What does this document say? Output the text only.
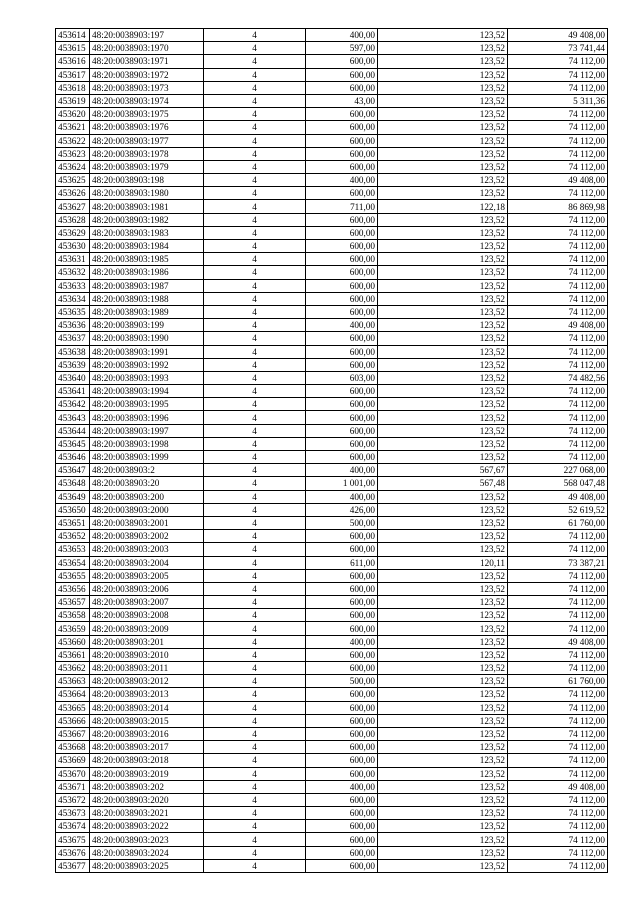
453614	48:20:0038903:197	4	400,00	123,52	49 408,00
453615	48:20:0038903:1970	4	597,00	123,52	73 741,44
453616	48:20:0038903:1971	4	600,00	123,52	74 112,00
453617	48:20:0038903:1972	4	600,00	123,52	74 112,00
453618	48:20:0038903:1973	4	600,00	123,52	74 112,00
453619	48:20:0038903:1974	4	43,00	123,52	5 311,36
453620	48:20:0038903:1975	4	600,00	123,52	74 112,00
453621	48:20:0038903:1976	4	600,00	123,52	74 112,00
453622	48:20:0038903:1977	4	600,00	123,52	74 112,00
453623	48:20:0038903:1978	4	600,00	123,52	74 112,00
453624	48:20:0038903:1979	4	600,00	123,52	74 112,00
453625	48:20:0038903:198	4	400,00	123,52	49 408,00
453626	48:20:0038903:1980	4	600,00	123,52	74 112,00
453627	48:20:0038903:1981	4	711,00	122,18	86 869,98
453628	48:20:0038903:1982	4	600,00	123,52	74 112,00
453629	48:20:0038903:1983	4	600,00	123,52	74 112,00
453630	48:20:0038903:1984	4	600,00	123,52	74 112,00
453631	48:20:0038903:1985	4	600,00	123,52	74 112,00
453632	48:20:0038903:1986	4	600,00	123,52	74 112,00
453633	48:20:0038903:1987	4	600,00	123,52	74 112,00
453634	48:20:0038903:1988	4	600,00	123,52	74 112,00
453635	48:20:0038903:1989	4	600,00	123,52	74 112,00
453636	48:20:0038903:199	4	400,00	123,52	49 408,00
453637	48:20:0038903:1990	4	600,00	123,52	74 112,00
453638	48:20:0038903:1991	4	600,00	123,52	74 112,00
453639	48:20:0038903:1992	4	600,00	123,52	74 112,00
453640	48:20:0038903:1993	4	603,00	123,52	74 482,56
453641	48:20:0038903:1994	4	600,00	123,52	74 112,00
453642	48:20:0038903:1995	4	600,00	123,52	74 112,00
453643	48:20:0038903:1996	4	600,00	123,52	74 112,00
453644	48:20:0038903:1997	4	600,00	123,52	74 112,00
453645	48:20:0038903:1998	4	600,00	123,52	74 112,00
453646	48:20:0038903:1999	4	600,00	123,52	74 112,00
453647	48:20:0038903:2	4	400,00	567,67	227 068,00
453648	48:20:0038903:20	4	1 001,00	567,48	568 047,48
453649	48:20:0038903:200	4	400,00	123,52	49 408,00
453650	48:20:0038903:2000	4	426,00	123,52	52 619,52
453651	48:20:0038903:2001	4	500,00	123,52	61 760,00
453652	48:20:0038903:2002	4	600,00	123,52	74 112,00
453653	48:20:0038903:2003	4	600,00	123,52	74 112,00
453654	48:20:0038903:2004	4	611,00	120,11	73 387,21
453655	48:20:0038903:2005	4	600,00	123,52	74 112,00
453656	48:20:0038903:2006	4	600,00	123,52	74 112,00
453657	48:20:0038903:2007	4	600,00	123,52	74 112,00
453658	48:20:0038903:2008	4	600,00	123,52	74 112,00
453659	48:20:0038903:2009	4	600,00	123,52	74 112,00
453660	48:20:0038903:201	4	400,00	123,52	49 408,00
453661	48:20:0038903:2010	4	600,00	123,52	74 112,00
453662	48:20:0038903:2011	4	600,00	123,52	74 112,00
453663	48:20:0038903:2012	4	500,00	123,52	61 760,00
453664	48:20:0038903:2013	4	600,00	123,52	74 112,00
453665	48:20:0038903:2014	4	600,00	123,52	74 112,00
453666	48:20:0038903:2015	4	600,00	123,52	74 112,00
453667	48:20:0038903:2016	4	600,00	123,52	74 112,00
453668	48:20:0038903:2017	4	600,00	123,52	74 112,00
453669	48:20:0038903:2018	4	600,00	123,52	74 112,00
453670	48:20:0038903:2019	4	600,00	123,52	74 112,00
453671	48:20:0038903:202	4	400,00	123,52	49 408,00
453672	48:20:0038903:2020	4	600,00	123,52	74 112,00
453673	48:20:0038903:2021	4	600,00	123,52	74 112,00
453674	48:20:0038903:2022	4	600,00	123,52	74 112,00
453675	48:20:0038903:2023	4	600,00	123,52	74 112,00
453676	48:20:0038903:2024	4	600,00	123,52	74 112,00
453677	48:20:0038903:2025	4	600,00	123,52	74 112,00
